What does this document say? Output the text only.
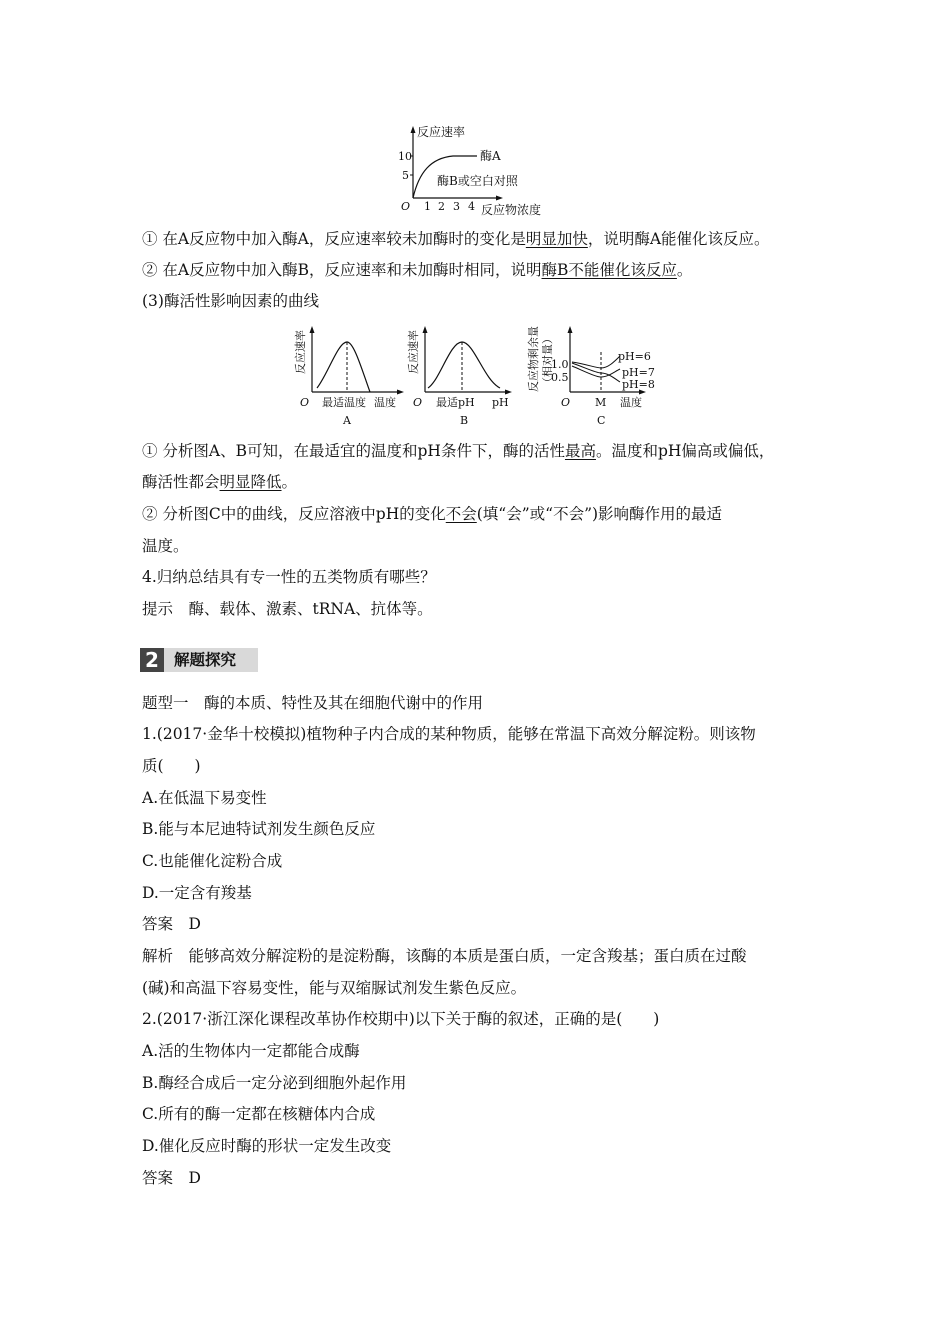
反应速率
10
5
酶A
酶B或空白对照
O 1 2 3 4 反应物浓度
① 在A反应物中加入酶A，反应速率较未加酶时的变化是明显加快，说明酶A能催化该反应。
② 在A反应物中加入酶B，反应速率和未加酶时相同，说明酶B不能催化该反应。
(3)酶活性影响因素的曲线
反应速率
O 最适温度 温度
A
反应速率
O 最适pH pH
B
反应物剩余量 （相对量）
1.0
0.5
pH=6
pH=7
pH=8
O M 温度
C
① 分析图A、B可知，在最适宜的温度和pH条件下，酶的活性最高。温度和pH偏高或偏低，
酶活性都会明显降低。
② 分析图C中的曲线，反应溶液中pH的变化不会(填“会”或“不会”)影响酶作用的最适
温度。
4.归纳总结具有专一性的五类物质有哪些？
提示　酶、载体、激素、tRNA、抗体等。
2 解题探究
题型一　酶的本质、特性及其在细胞代谢中的作用
1.(2017·金华十校模拟)植物种子内合成的某种物质，能够在常温下高效分解淀粉。则该物
质(　　)
A.在低温下易变性
B.能与本尼迪特试剂发生颜色反应
C.也能催化淀粉合成
D.一定含有羧基
答案　D
解析　能够高效分解淀粉的是淀粉酶，该酶的本质是蛋白质，一定含羧基；蛋白质在过酸
(碱)和高温下容易变性，能与双缩脲试剂发生紫色反应。
2.(2017·浙江深化课程改革协作校期中)以下关于酶的叙述，正确的是(　　)
A.活的生物体内一定都能合成酶
B.酶经合成后一定分泌到细胞外起作用
C.所有的酶一定都在核糖体内合成
D.催化反应时酶的形状一定发生改变
答案　D
